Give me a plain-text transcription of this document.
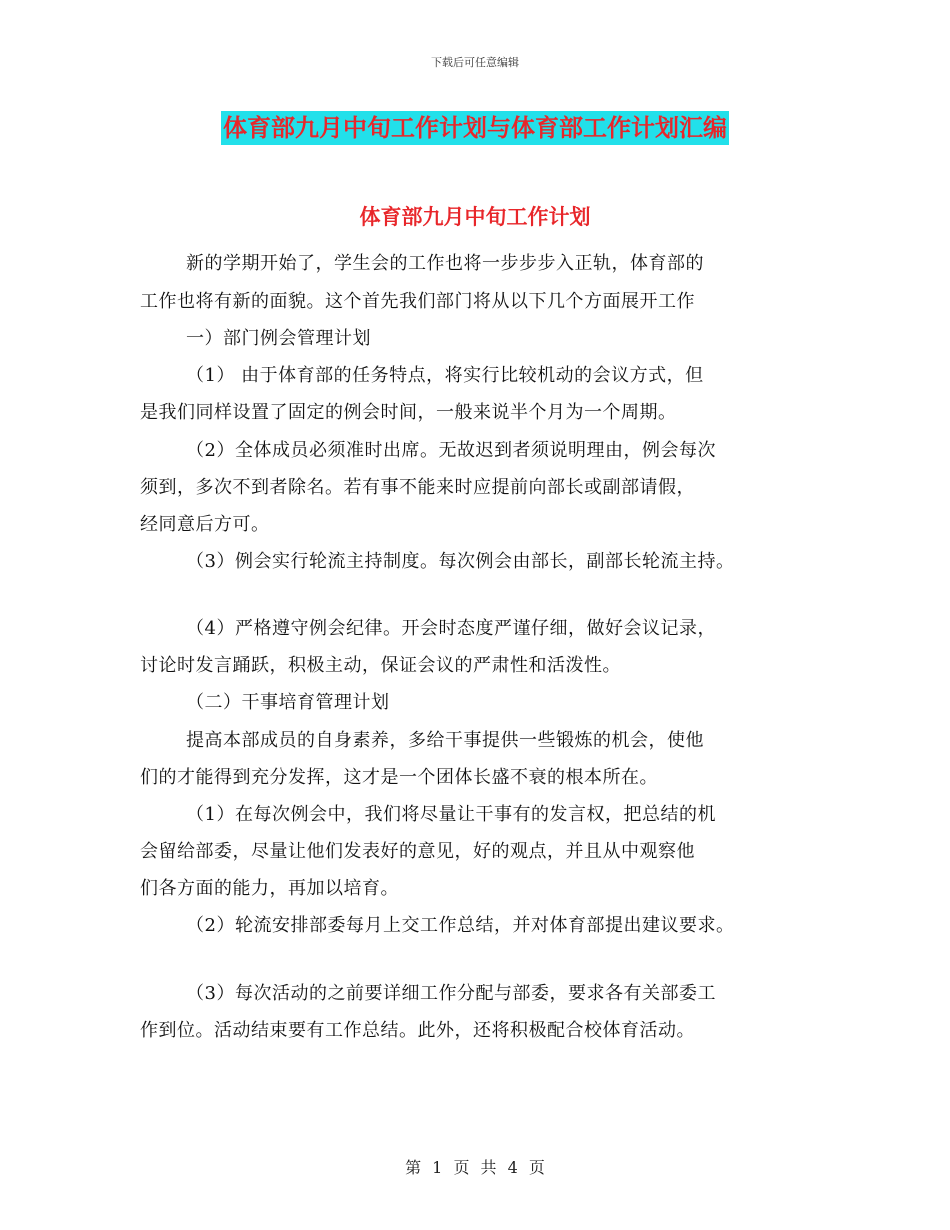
下载后可任意编辑
体育部九月中旬工作计划与体育部工作计划汇编
体育部九月中旬工作计划
新的学期开始了，学生会的工作也将一步步步入正轨，体育部的
工作也将有新的面貌。这个首先我们部门将从以下几个方面展开工作
一）部门例会管理计划
（1） 由于体育部的任务特点，将实行比较机动的会议方式，但
是我们同样设置了固定的例会时间，一般来说半个月为一个周期。
（2）全体成员必须准时出席。无故迟到者须说明理由，例会每次
须到，多次不到者除名。若有事不能来时应提前向部长或副部请假，
经同意后方可。
（3）例会实行轮流主持制度。每次例会由部长，副部长轮流主持。
（4）严格遵守例会纪律。开会时态度严谨仔细，做好会议记录，
讨论时发言踊跃，积极主动，保证会议的严肃性和活泼性。
（二）干事培育管理计划
提高本部成员的自身素养，多给干事提供一些锻炼的机会，使他
们的才能得到充分发挥，这才是一个团体长盛不衰的根本所在。
（1）在每次例会中，我们将尽量让干事有的发言权，把总结的机
会留给部委，尽量让他们发表好的意见，好的观点，并且从中观察他
们各方面的能力，再加以培育。
（2）轮流安排部委每月上交工作总结，并对体育部提出建议要求。
（3）每次活动的之前要详细工作分配与部委，要求各有关部委工
作到位。活动结束要有工作总结。此外，还将积极配合校体育活动。
第 1 页 共 4 页
